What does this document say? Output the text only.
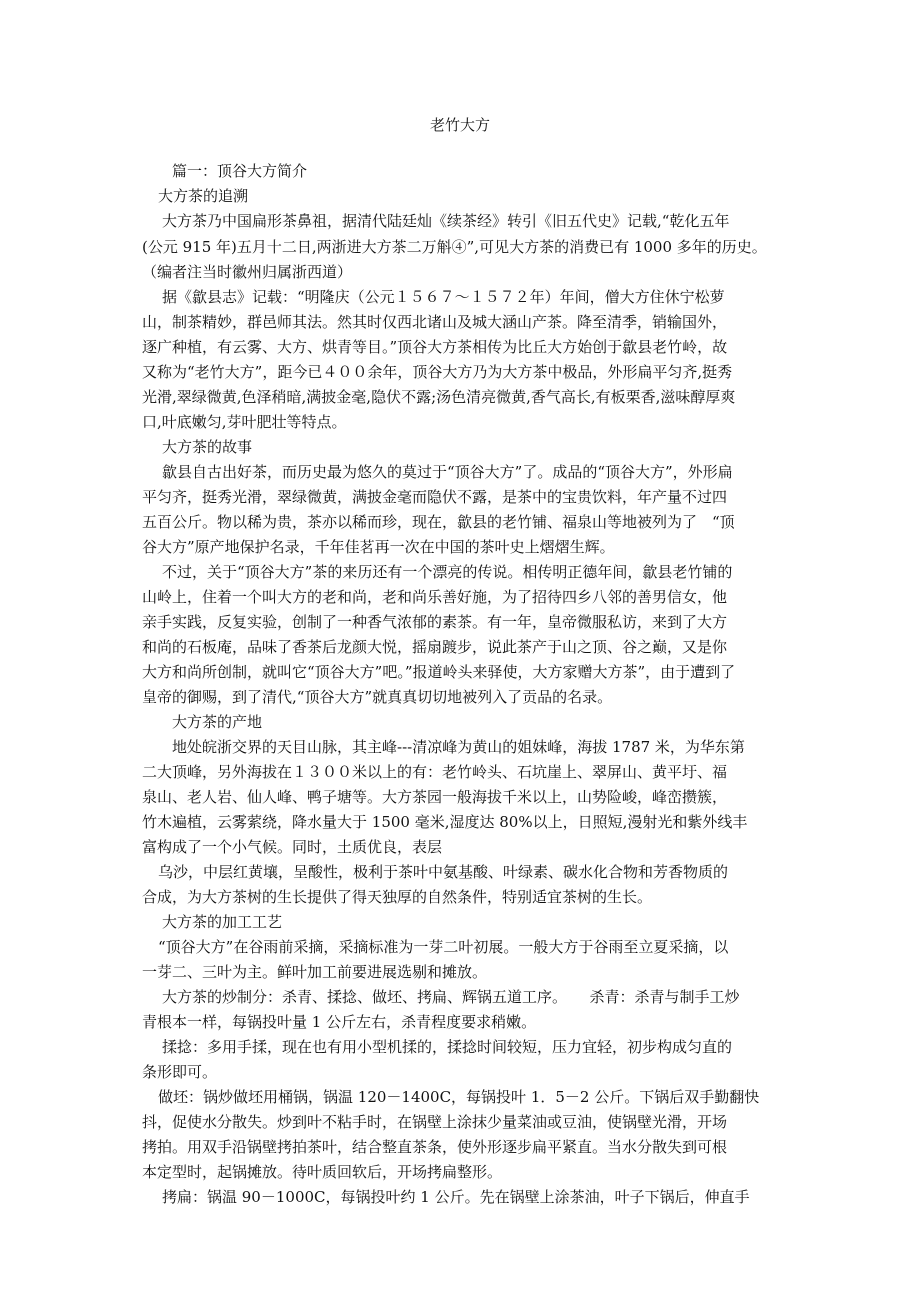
老竹大方
篇一：顶谷大方简介
大方茶的追溯
大方茶乃中国扁形茶鼻祖，据清代陆廷灿《续茶经》转引《旧五代史》记载,“乾化五年
(公元 915 年)五月十二日,两浙进大方茶二万斛④”,可见大方茶的消费已有 1000 多年的历史。
（编者注当时徽州归属浙西道）
据《歙县志》记载：“明隆庆（公元１５６７～１５７２年）年间，僧大方住休宁松萝
山，制茶精妙，群邑师其法。然其时仅西北诸山及城大涵山产茶。降至清季，销输国外，
逐广种植，有云雾、大方、烘青等目。”顶谷大方茶相传为比丘大方始创于歙县老竹岭，故
又称为“老竹大方”，距今已４００余年，顶谷大方乃为大方茶中极品，外形扁平匀齐,挺秀
光滑,翠绿微黄,色泽稍暗,满披金毫,隐伏不露;汤色清亮微黄,香气高长,有板栗香,滋味醇厚爽
口,叶底嫩匀,芽叶肥壮等特点。
大方茶的故事
歙县自古出好茶，而历史最为悠久的莫过于“顶谷大方”了。成品的“顶谷大方”，外形扁
平匀齐，挺秀光滑，翠绿微黄，满披金毫而隐伏不露，是茶中的宝贵饮料，年产量不过四
五百公斤。物以稀为贵，茶亦以稀而珍，现在，歙县的老竹铺、福泉山等地被列为了　“顶
谷大方”原产地保护名录，千年佳茗再一次在中国的茶叶史上熠熠生辉。
不过，关于“顶谷大方”茶的来历还有一个漂亮的传说。相传明正德年间，歙县老竹铺的
山岭上，住着一个叫大方的老和尚，老和尚乐善好施，为了招待四乡八邻的善男信女，他
亲手实践，反复实验，创制了一种香气浓郁的素茶。有一年，皇帝微服私访，来到了大方
和尚的石板庵，品味了香茶后龙颜大悦，摇扇踱步，说此茶产于山之顶、谷之巅，又是你
大方和尚所创制，就叫它“顶谷大方”吧。”报道岭头来驿使，大方家赠大方茶”，由于遭到了
皇帝的御赐，到了清代,“顶谷大方”就真真切切地被列入了贡品的名录。
大方茶的产地
地处皖浙交界的天目山脉，其主峰---清凉峰为黄山的姐妹峰，海拔 1787 米，为华东第
二大顶峰，另外海拔在１３００米以上的有：老竹岭头、石坑崖上、翠屏山、黄平圩、福
泉山、老人岩、仙人峰、鸭子塘等。大方茶园一般海拔千米以上，山势险峻，峰峦攒簇，
竹木遍植，云雾萦绕，降水量大于 1500 毫米,湿度达 80%以上，日照短,漫射光和紫外线丰
富构成了一个小气候。同时，土质优良，表层
乌沙，中层红黄壤，呈酸性，极利于茶叶中氨基酸、叶绿素、碳水化合物和芳香物质的
合成，为大方茶树的生长提供了得天独厚的自然条件，特别适宜茶树的生长。
大方茶的加工工艺
“顶谷大方”在谷雨前采摘，采摘标准为一芽二叶初展。一般大方于谷雨至立夏采摘，以
一芽二、三叶为主。鲜叶加工前要进展选剔和摊放。
大方茶的炒制分：杀青、揉捻、做坯、拷扁、辉锅五道工序。　　杀青：杀青与制手工炒
青根本一样，每锅投叶量 1 公斤左右，杀青程度要求稍嫩。
揉捻：多用手揉，现在也有用小型机揉的，揉捻时间较短，压力宜轻，初步构成匀直的
条形即可。
做坯：锅炒做坯用桶锅，锅温 120－1400C，每锅投叶 1．5－2 公斤。下锅后双手勤翻快
抖，促使水分散失。炒到叶不粘手时，在锅壁上涂抹少量菜油或豆油，使锅壁光滑，开场
拷拍。用双手沿锅壁拷拍茶叶，结合整直茶条，使外形逐步扁平紧直。当水分散失到可根
本定型时，起锅摊放。待叶质回软后，开场拷扁整形。
拷扁：锅温 90－1000C，每锅投叶约 1 公斤。先在锅壁上涂茶油，叶子下锅后，伸直手
